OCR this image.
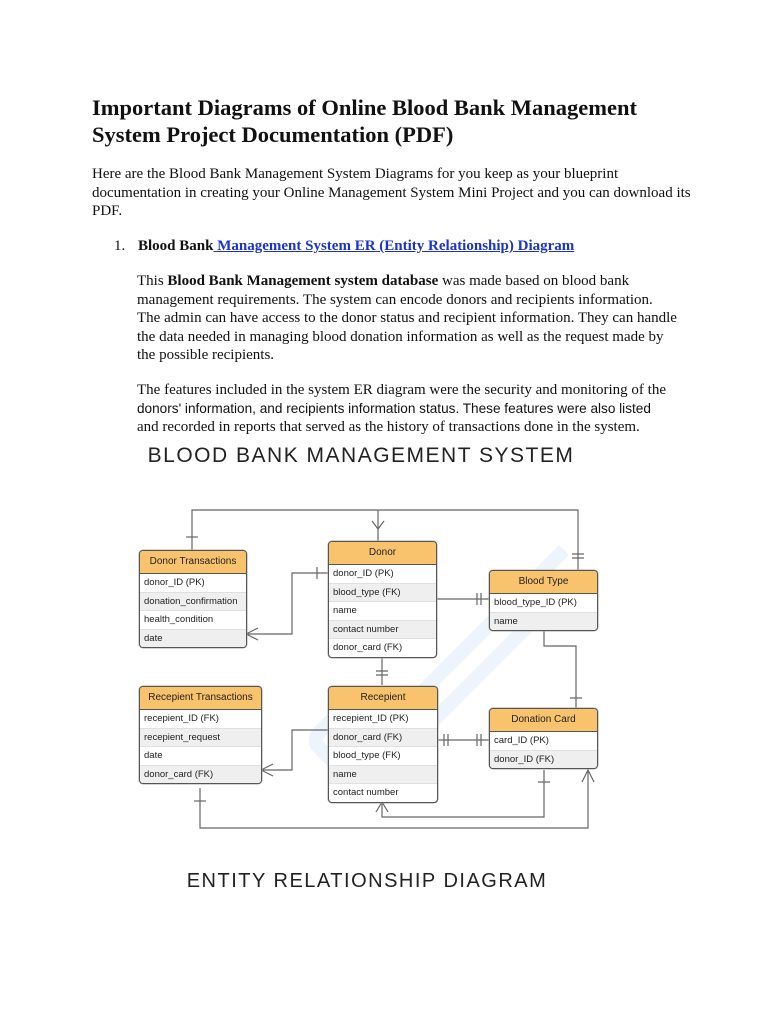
Important Diagrams of Online Blood Bank Management System Project Documentation (PDF)

Here are the Blood Bank Management System Diagrams for you keep as your blueprint documentation in creating your Online Management System Mini Project and you can download its PDF.

1. Blood Bank Management System ER (Entity Relationship) Diagram

This Blood Bank Management system database was made based on blood bank management requirements. The system can encode donors and recipients information. The admin can have access to the donor status and recipient information. They can handle the data needed in managing blood donation information as well as the request made by the possible recipients.

The features included in the system ER diagram were the security and monitoring of the
donors' information, and recipients information status. These features were also listed
and recorded in reports that served as the history of transactions done in the system.

BLOOD BANK MANAGEMENT SYSTEM

Donor Transactions
donor_ID (PK)
donation_confirmation
health_condition
date
Donor
donor_ID (PK)
blood_type (FK)
name
contact number
donor_card (FK)
Blood Type
blood_type_ID (PK)
name
Recepient Transactions
recepient_ID (FK)
recepient_request
date
donor_card (FK)
Recepient
recepient_ID (PK)
donor_card (FK)
blood_type (FK)
name
contact number
Donation Card
card_ID (PK)
donor_ID (FK)

ENTITY RELATIONSHIP DIAGRAM
